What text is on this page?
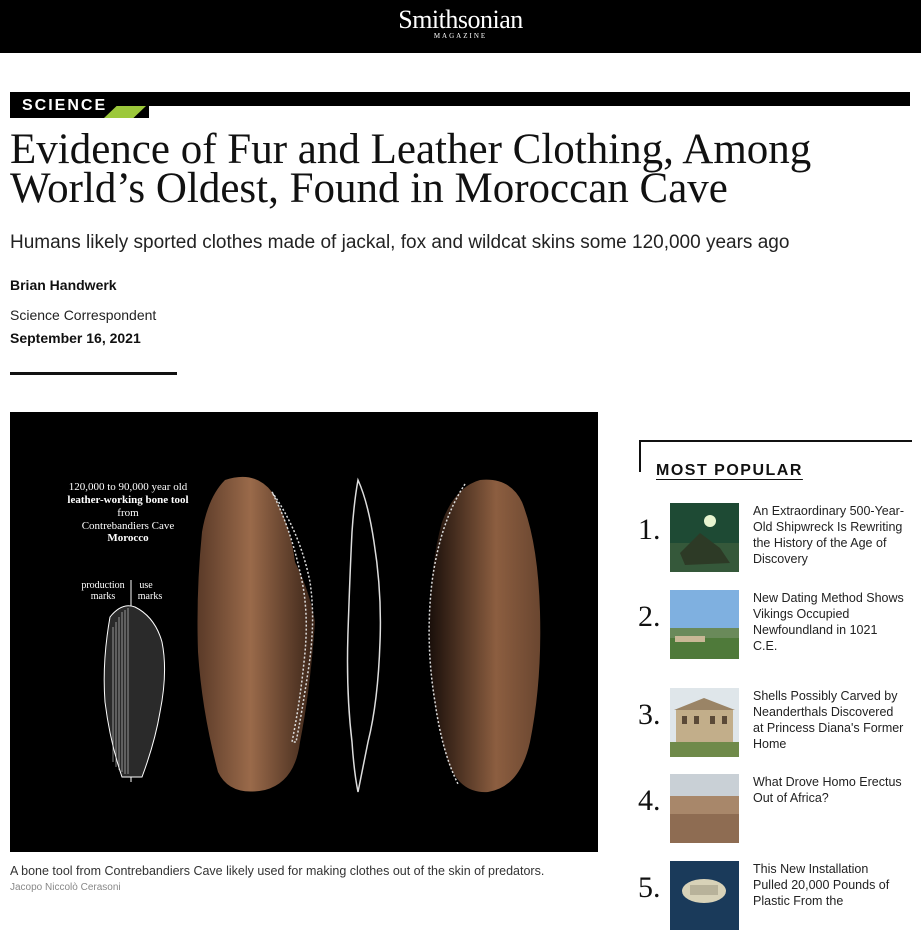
Smithsonian
MAGAZINE
SCIENCE
Evidence of Fur and Leather Clothing, Among World’s Oldest, Found in Moroccan Cave
Humans likely sported clothes made of jackal, fox and wildcat skins some 120,000 years ago
Brian Handwerk
Science Correspondent
September 16, 2021
120,000 to 90,000 year old
leather-working bone tool
from
Contrebandiers Cave
Morocco
production
marks
use
marks
A bone tool from Contrebandiers Cave likely used for making clothes out of the skin of predators.
Jacopo Niccolò Cerasoni
MOST POPULAR
1.
An Extraordinary 500-Year-Old Shipwreck Is Rewriting the History of the Age of Discovery
2.
New Dating Method Shows Vikings Occupied Newfoundland in 1021 C.E.
3.
Shells Possibly Carved by Neanderthals Discovered at Princess Diana's Former Home
4.
What Drove Homo Erectus Out of Africa?
5.
This New Installation Pulled 20,000 Pounds of Plastic From the
